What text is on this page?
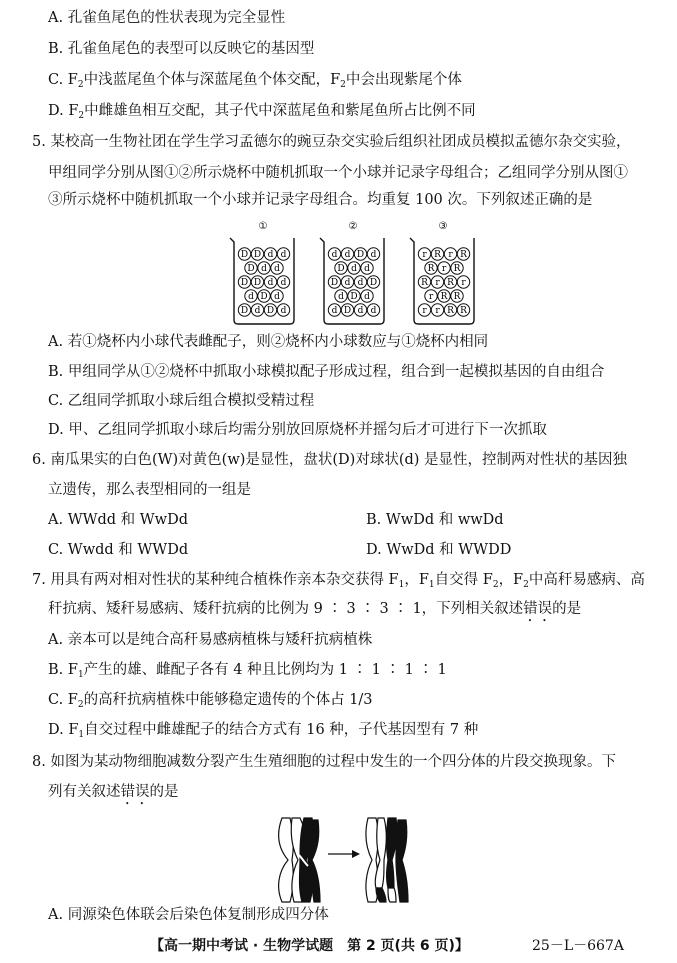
A. 孔雀鱼尾色的性状表现为完全显性
B. 孔雀鱼尾色的表型可以反映它的基因型
C. $F_2$中浅蓝尾鱼个体与深蓝尾鱼个体交配，$F_2$中会出现紫尾个体
D. $F_2$中雌雄鱼相互交配，其子代中深蓝尾鱼和紫尾鱼所占比例不同
5. 某校高一生物社团在学生学习孟德尔的豌豆杂交实验后组织社团成员模拟孟德尔杂交实验，
甲组同学分别从图①②所示烧杯中随机抓取一个小球并记录字母组合；乙组同学分别从图①
③所示烧杯中随机抓取一个小球并记录字母组合。均重复 100 次。下列叙述正确的是
①
D D d d
D d d
D D d d
d D d
D d D d
②
d d D d
D d d
D d d D
d D d
d D d d
③
r R r R
R r R
R r R r
r R R
r r R R
A. 若①烧杯内小球代表雌配子，则②烧杯内小球数应与①烧杯内相同
B. 甲组同学从①②烧杯中抓取小球模拟配子形成过程，组合到一起模拟基因的自由组合
C. 乙组同学抓取小球后组合模拟受精过程
D. 甲、乙组同学抓取小球后均需分别放回原烧杯并摇匀后才可进行下一次抓取
6. 南瓜果实的白色(W)对黄色(w)是显性，盘状(D)对球状(d) 是显性，控制两对性状的基因独
立遗传，那么表型相同的一组是
A. WWdd 和 WwDd	B. WwDd 和 wwDd
C. Wwdd 和 WWDd	D. WwDd 和 WWDD
7. 用具有两对相对性状的某种纯合植株作亲本杂交获得 $F_1$，$F_1$自交得 $F_2$，$F_2$中高秆易感病、高
秆抗病、矮秆易感病、矮秆抗病的比例为 9 ∶ 3 ∶ 3 ∶ 1，下列相关叙述错误的是
A. 亲本可以是纯合高秆易感病植株与矮秆抗病植株
B. $F_1$产生的雄、雌配子各有 4 种且比例均为 1 ∶ 1 ∶ 1 ∶ 1
C. $F_2$的高秆抗病植株中能够稳定遗传的个体占 1/3
D. $F_1$自交过程中雌雄配子的结合方式有 16 种，子代基因型有 7 种
8. 如图为某动物细胞减数分裂产生生殖细胞的过程中发生的一个四分体的片段交换现象。下
列有关叙述错误的是
A. 同源染色体联会后染色体复制形成四分体
【高一期中考试 · 生物学试题　第 2 页(共 6 页)】	25－L－667A
